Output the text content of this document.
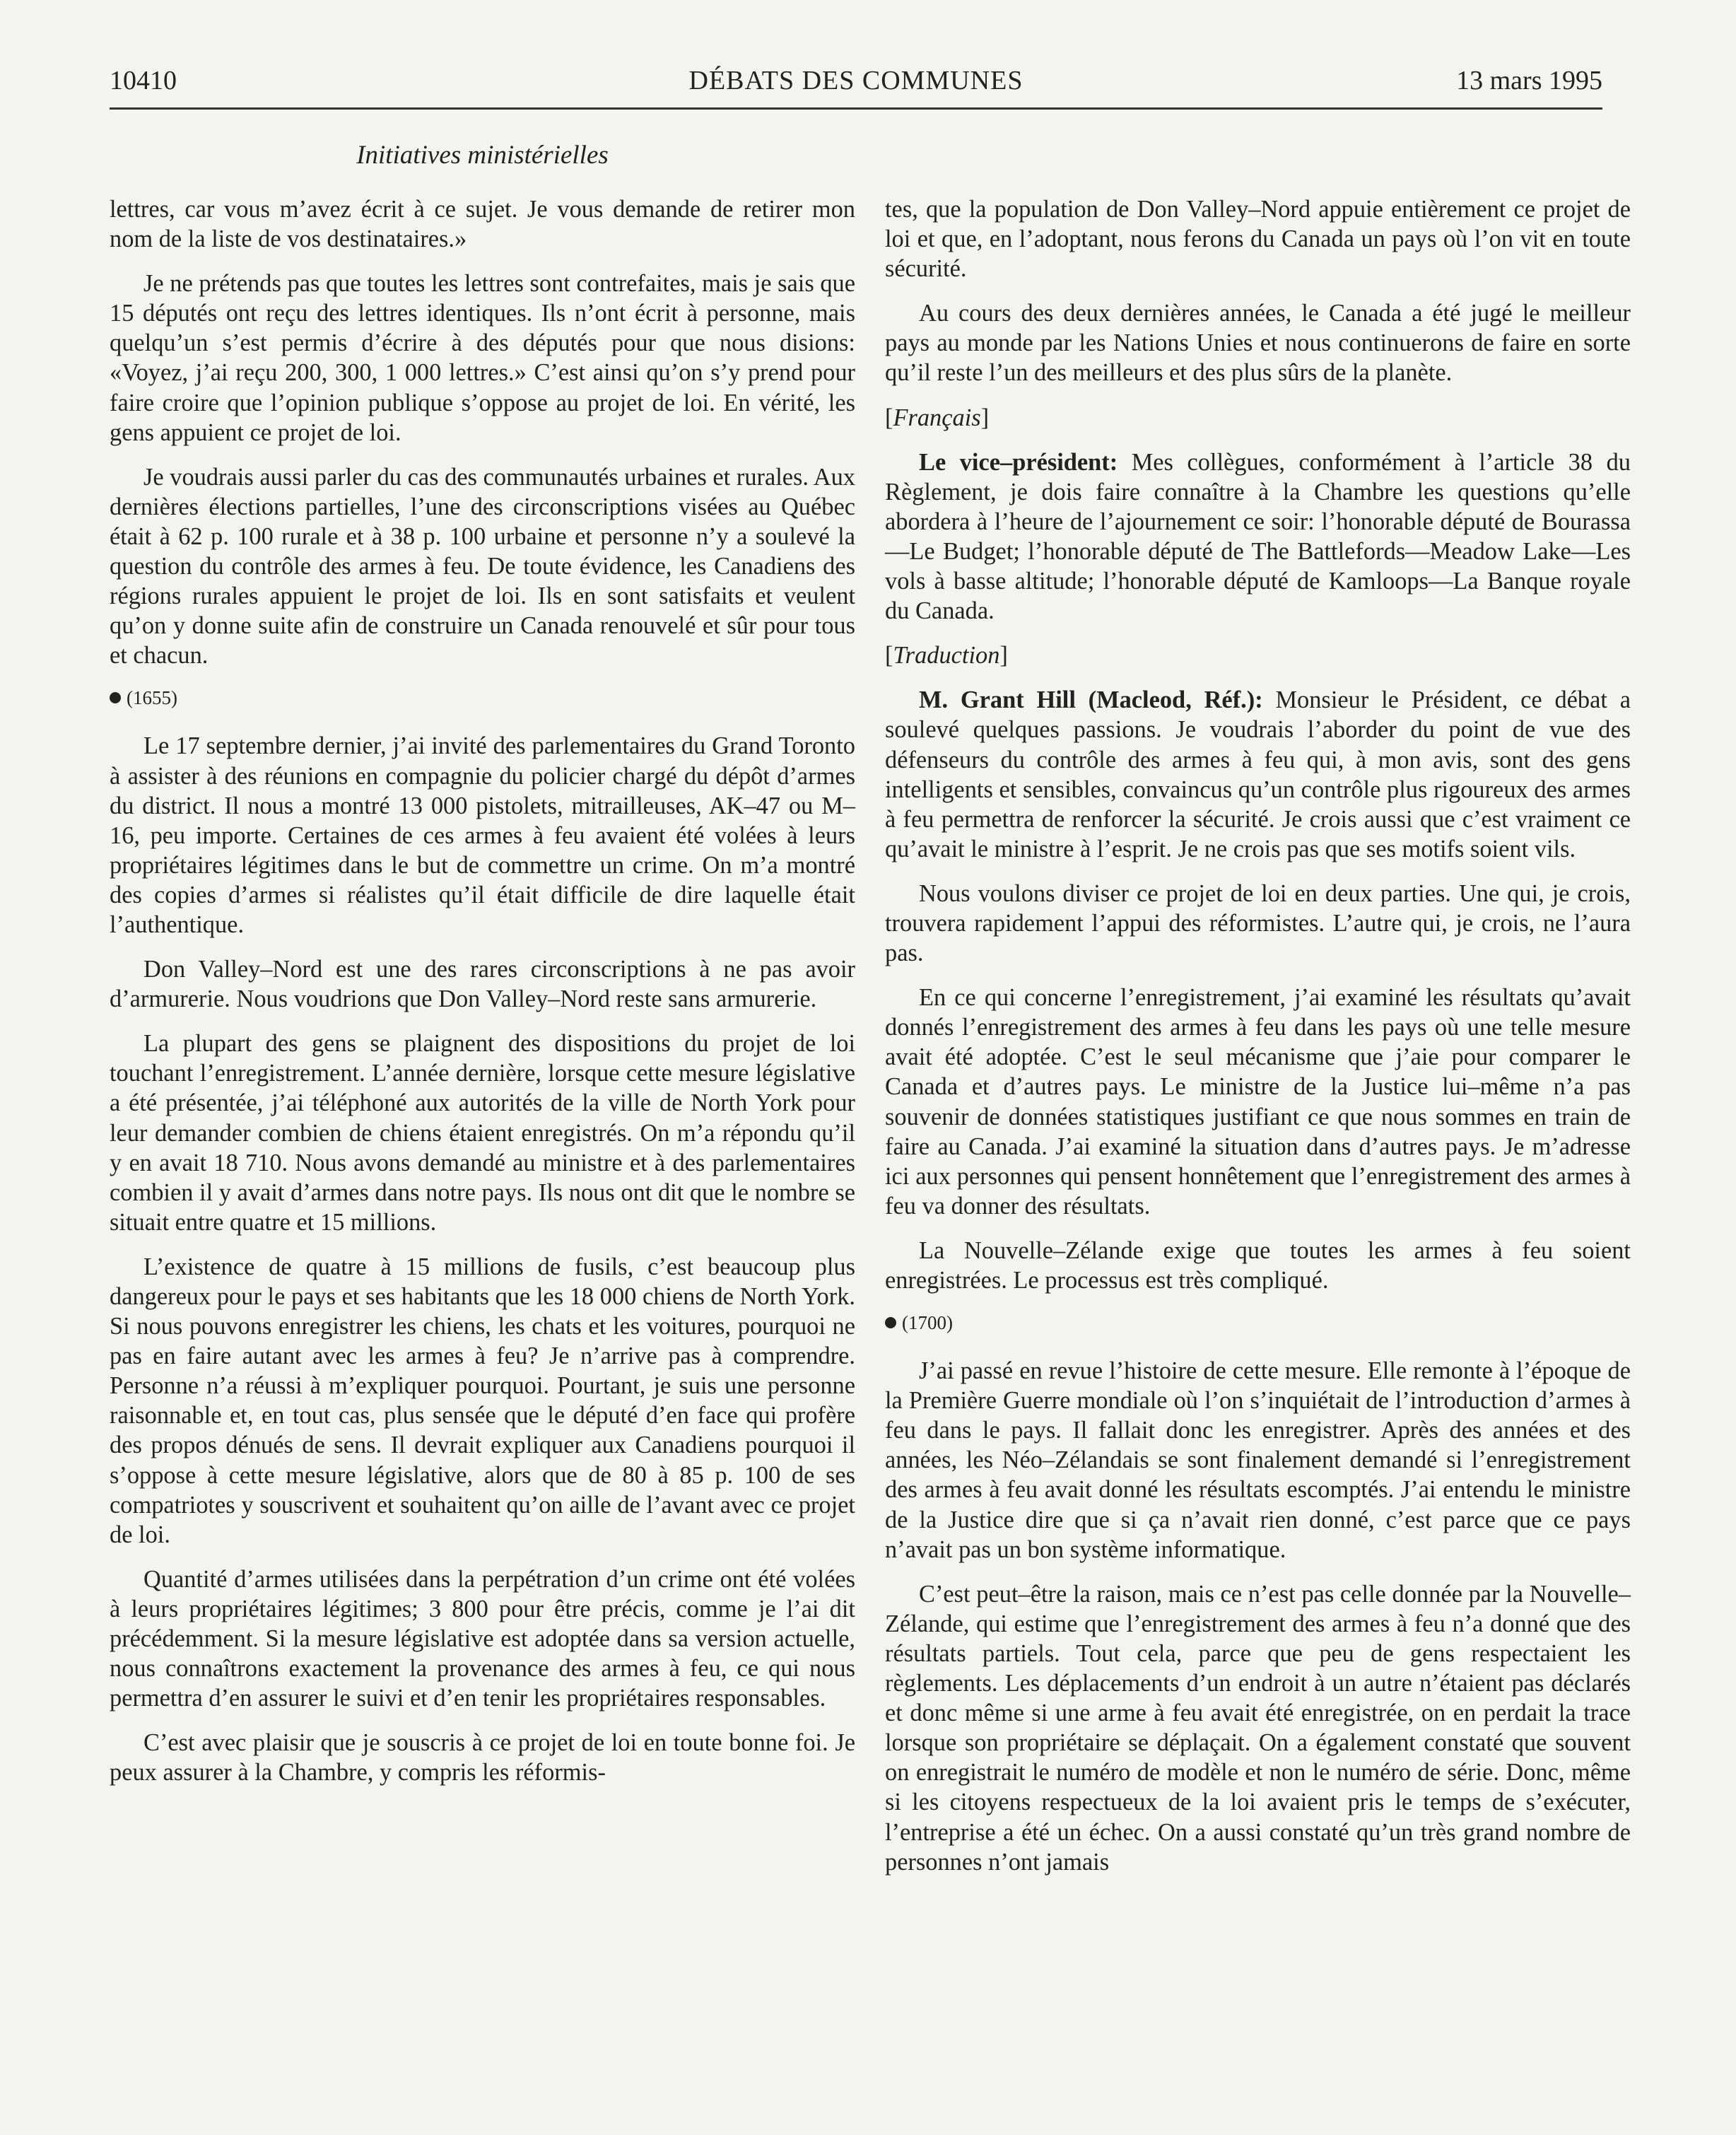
10410	DÉBATS DES COMMUNES	13 mars 1995
Initiatives ministérielles

lettres, car vous m’avez écrit à ce sujet. Je vous demande de retirer mon nom de la liste de vos destinataires.»

Je ne prétends pas que toutes les lettres sont contrefaites, mais je sais que 15 députés ont reçu des lettres identiques. Ils n’ont écrit à personne, mais quelqu’un s’est permis d’écrire à des députés pour que nous disions: «Voyez, j’ai reçu 200, 300, 1 000 lettres.» C’est ainsi qu’on s’y prend pour faire croire que l’opinion publique s’oppose au projet de loi. En vérité, les gens appuient ce projet de loi.

Je voudrais aussi parler du cas des communautés urbaines et rurales. Aux dernières élections partielles, l’une des circonscriptions visées au Québec était à 62 p. 100 rurale et à 38 p. 100 urbaine et personne n’y a soulevé la question du contrôle des armes à feu. De toute évidence, les Canadiens des régions rurales appuient le projet de loi. Ils en sont satisfaits et veulent qu’on y donne suite afin de construire un Canada renouvelé et sûr pour tous et chacun.

(1655)

Le 17 septembre dernier, j’ai invité des parlementaires du Grand Toronto à assister à des réunions en compagnie du policier chargé du dépôt d’armes du district. Il nous a montré 13 000 pistolets, mitrailleuses, AK–47 ou M–16, peu importe. Certaines de ces armes à feu avaient été volées à leurs propriétaires légitimes dans le but de commettre un crime. On m’a montré des copies d’armes si réalistes qu’il était difficile de dire laquelle était l’authentique.

Don Valley–Nord est une des rares circonscriptions à ne pas avoir d’armurerie. Nous voudrions que Don Valley–Nord reste sans armurerie.

La plupart des gens se plaignent des dispositions du projet de loi touchant l’enregistrement. L’année dernière, lorsque cette mesure législative a été présentée, j’ai téléphoné aux autorités de la ville de North York pour leur demander combien de chiens étaient enregistrés. On m’a répondu qu’il y en avait 18 710. Nous avons demandé au ministre et à des parlementaires combien il y avait d’armes dans notre pays. Ils nous ont dit que le nombre se situait entre quatre et 15 millions.

L’existence de quatre à 15 millions de fusils, c’est beaucoup plus dangereux pour le pays et ses habitants que les 18 000 chiens de North York. Si nous pouvons enregistrer les chiens, les chats et les voitures, pourquoi ne pas en faire autant avec les armes à feu? Je n’arrive pas à comprendre. Personne n’a réussi à m’expliquer pourquoi. Pourtant, je suis une personne raisonnable et, en tout cas, plus sensée que le député d’en face qui profère des propos dénués de sens. Il devrait expliquer aux Canadiens pourquoi il s’oppose à cette mesure législative, alors que de 80 à 85 p. 100 de ses compatriotes y souscrivent et souhaitent qu’on aille de l’avant avec ce projet de loi.

Quantité d’armes utilisées dans la perpétration d’un crime ont été volées à leurs propriétaires légitimes; 3 800 pour être précis, comme je l’ai dit précédemment. Si la mesure législative est adoptée dans sa version actuelle, nous connaîtrons exactement la provenance des armes à feu, ce qui nous permettra d’en assurer le suivi et d’en tenir les propriétaires responsables.

C’est avec plaisir que je souscris à ce projet de loi en toute bonne foi. Je peux assurer à la Chambre, y compris les réformis-

tes, que la population de Don Valley–Nord appuie entièrement ce projet de loi et que, en l’adoptant, nous ferons du Canada un pays où l’on vit en toute sécurité.

Au cours des deux dernières années, le Canada a été jugé le meilleur pays au monde par les Nations Unies et nous continuerons de faire en sorte qu’il reste l’un des meilleurs et des plus sûrs de la planète.

[Français]

Le vice–président: Mes collègues, conformément à l’article 38 du Règlement, je dois faire connaître à la Chambre les questions qu’elle abordera à l’heure de l’ajournement ce soir: l’honorable député de Bourassa—Le Budget; l’honorable député de The Battlefords—Meadow Lake—Les vols à basse altitude; l’honorable député de Kamloops—La Banque royale du Canada.

[Traduction]

M. Grant Hill (Macleod, Réf.): Monsieur le Président, ce débat a soulevé quelques passions. Je voudrais l’aborder du point de vue des défenseurs du contrôle des armes à feu qui, à mon avis, sont des gens intelligents et sensibles, convaincus qu’un contrôle plus rigoureux des armes à feu permettra de renforcer la sécurité. Je crois aussi que c’est vraiment ce qu’avait le ministre à l’esprit. Je ne crois pas que ses motifs soient vils.

Nous voulons diviser ce projet de loi en deux parties. Une qui, je crois, trouvera rapidement l’appui des réformistes. L’autre qui, je crois, ne l’aura pas.

En ce qui concerne l’enregistrement, j’ai examiné les résultats qu’avait donnés l’enregistrement des armes à feu dans les pays où une telle mesure avait été adoptée. C’est le seul mécanisme que j’aie pour comparer le Canada et d’autres pays. Le ministre de la Justice lui–même n’a pas souvenir de données statistiques justifiant ce que nous sommes en train de faire au Canada. J’ai examiné la situation dans d’autres pays. Je m’adresse ici aux personnes qui pensent honnêtement que l’enregistrement des armes à feu va donner des résultats.

La Nouvelle–Zélande exige que toutes les armes à feu soient enregistrées. Le processus est très compliqué.

(1700)

J’ai passé en revue l’histoire de cette mesure. Elle remonte à l’époque de la Première Guerre mondiale où l’on s’inquiétait de l’introduction d’armes à feu dans le pays. Il fallait donc les enregistrer. Après des années et des années, les Néo–Zélandais se sont finalement demandé si l’enregistrement des armes à feu avait donné les résultats escomptés. J’ai entendu le ministre de la Justice dire que si ça n’avait rien donné, c’est parce que ce pays n’avait pas un bon système informatique.

C’est peut–être la raison, mais ce n’est pas celle donnée par la Nouvelle–Zélande, qui estime que l’enregistrement des armes à feu n’a donné que des résultats partiels. Tout cela, parce que peu de gens respectaient les règlements. Les déplacements d’un endroit à un autre n’étaient pas déclarés et donc même si une arme à feu avait été enregistrée, on en perdait la trace lorsque son propriétaire se déplaçait. On a également constaté que souvent on enregistrait le numéro de modèle et non le numéro de série. Donc, même si les citoyens respectueux de la loi avaient pris le temps de s’exécuter, l’entreprise a été un échec. On a aussi constaté qu’un très grand nombre de personnes n’ont jamais
